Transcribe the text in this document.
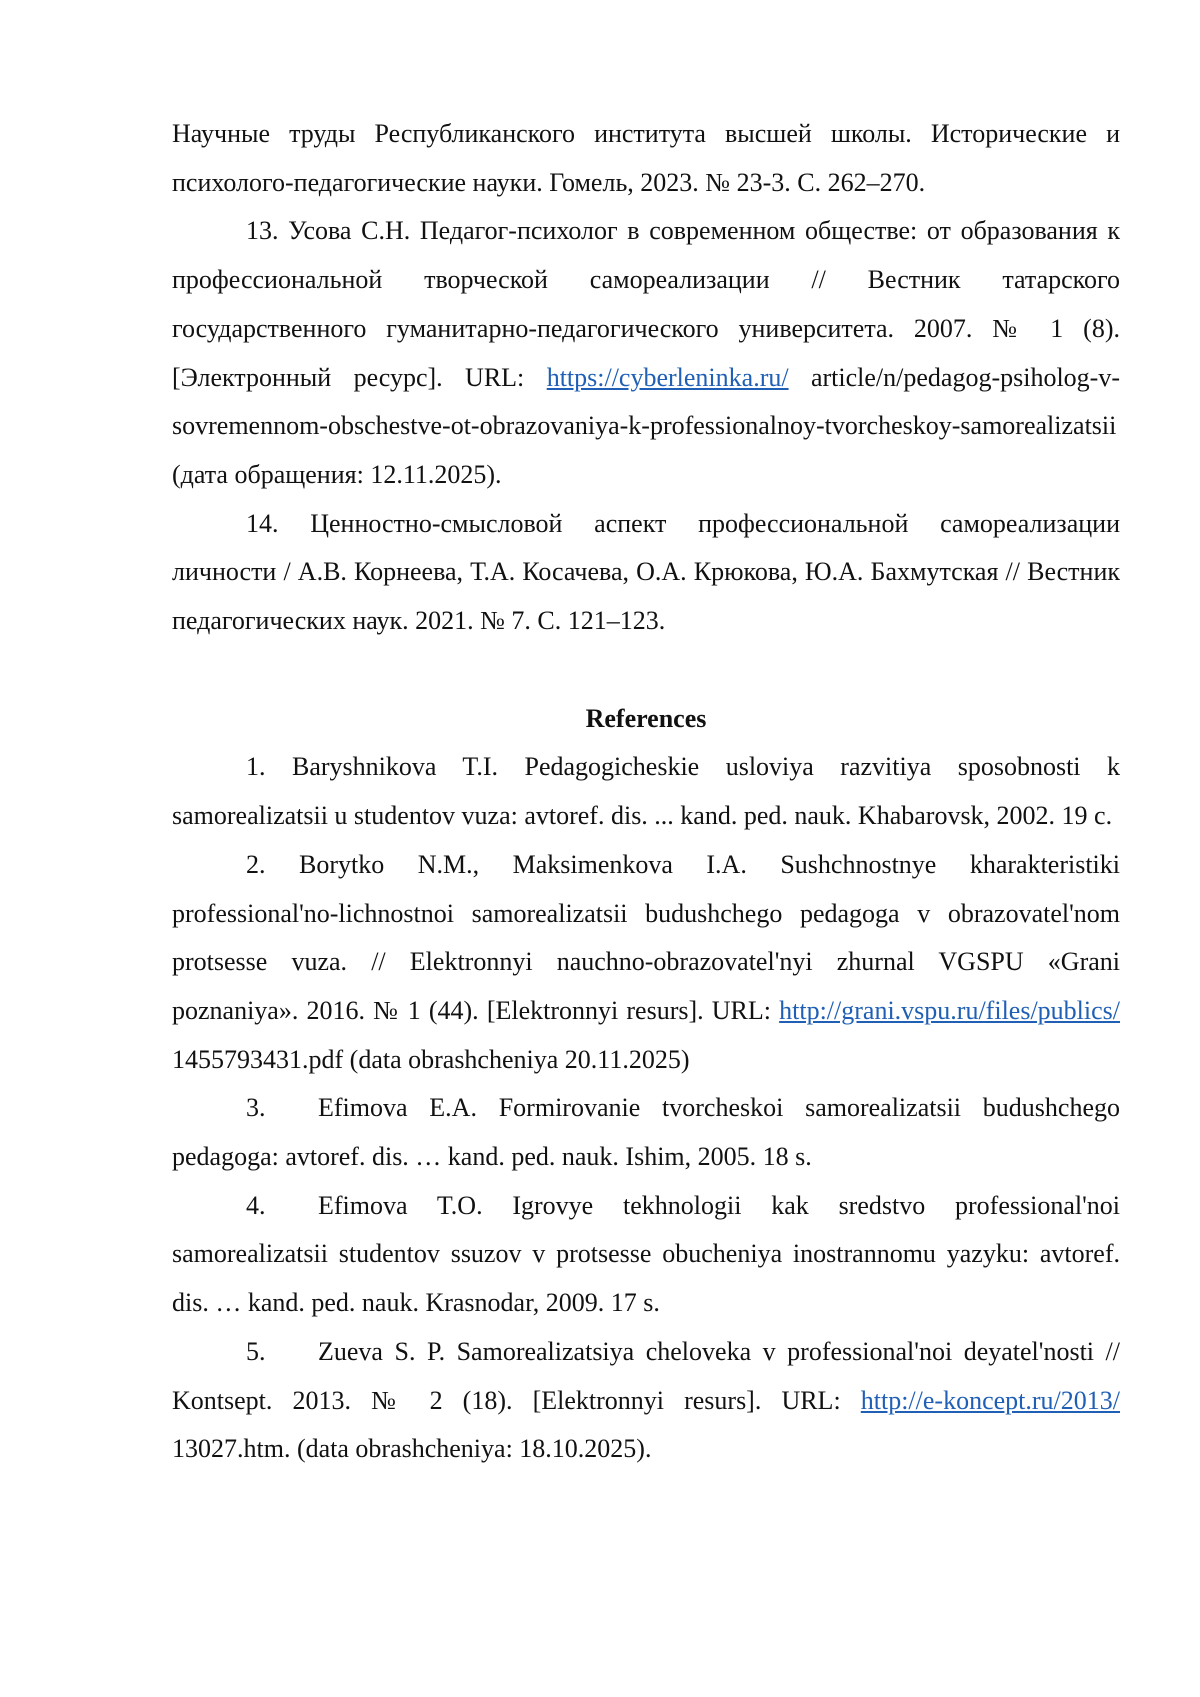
Научные труды Республиканского института высшей школы. Исторические и психолого-педагогические науки. Гомель, 2023. № 23-3. С. 262–270.

13. Усова С.Н. Педагог-психолог в современном обществе: от образования к профессиональной творческой самореализации // Вестник татарского государственного гуманитарно-педагогического университета. 2007. № 1 (8). [Электронный ресурс]. URL: https://cyberleninka.ru/ article/n/pedagog-psiholog-v-sovremennom-obschestve-ot-obrazovaniya-k-professionalnoy-tvorcheskoy-samorealizatsii (дата обращения: 12.11.2025).

14. Ценностно-смысловой аспект профессиональной самореализации личности / А.В. Корнеева, Т.А. Косачева, О.А. Крюкова, Ю.А. Бахмутская // Вестник педагогических наук. 2021. № 7. С. 121–123.

References

1. Baryshnikova T.I. Pedagogicheskie usloviya razvitiya sposobnosti k samorealizatsii u studentov vuza: avtoref. dis. ... kand. ped. nauk. Khabarovsk, 2002. 19 с.

2. Borytko N.M., Maksimenkova I.A. Sushchnostnye kharakteristiki professional'no-lichnostnoi samorealizatsii budushchego pedagoga v obrazovatel'nom protsesse vuza. // Elektronnyi nauchno-obrazovatel'nyi zhurnal VGSPU «Grani poznaniya». 2016. № 1 (44). [Elektronnyi resurs]. URL: http://grani.vspu.ru/files/publics/ 1455793431.pdf (data obrashcheniya 20.11.2025)

3. Efimova E.A. Formirovanie tvorcheskoi samorealizatsii budushchego pedagoga: avtoref. dis. … kand. ped. nauk. Ishim, 2005. 18 s.

4. Efimova T.O. Igrovye tekhnologii kak sredstvo professional'noi samorealizatsii studentov ssuzov v protsesse obucheniya inostrannomu yazyku: avtoref. dis. … kand. ped. nauk. Krasnodar, 2009. 17 s.

5. Zueva S. P. Samorealizatsiya cheloveka v professional'noi deyatel'nosti // Kontsept. 2013. № 2 (18). [Elektronnyi resurs]. URL: http://e-koncept.ru/2013/ 13027.htm. (data obrashcheniya: 18.10.2025).
